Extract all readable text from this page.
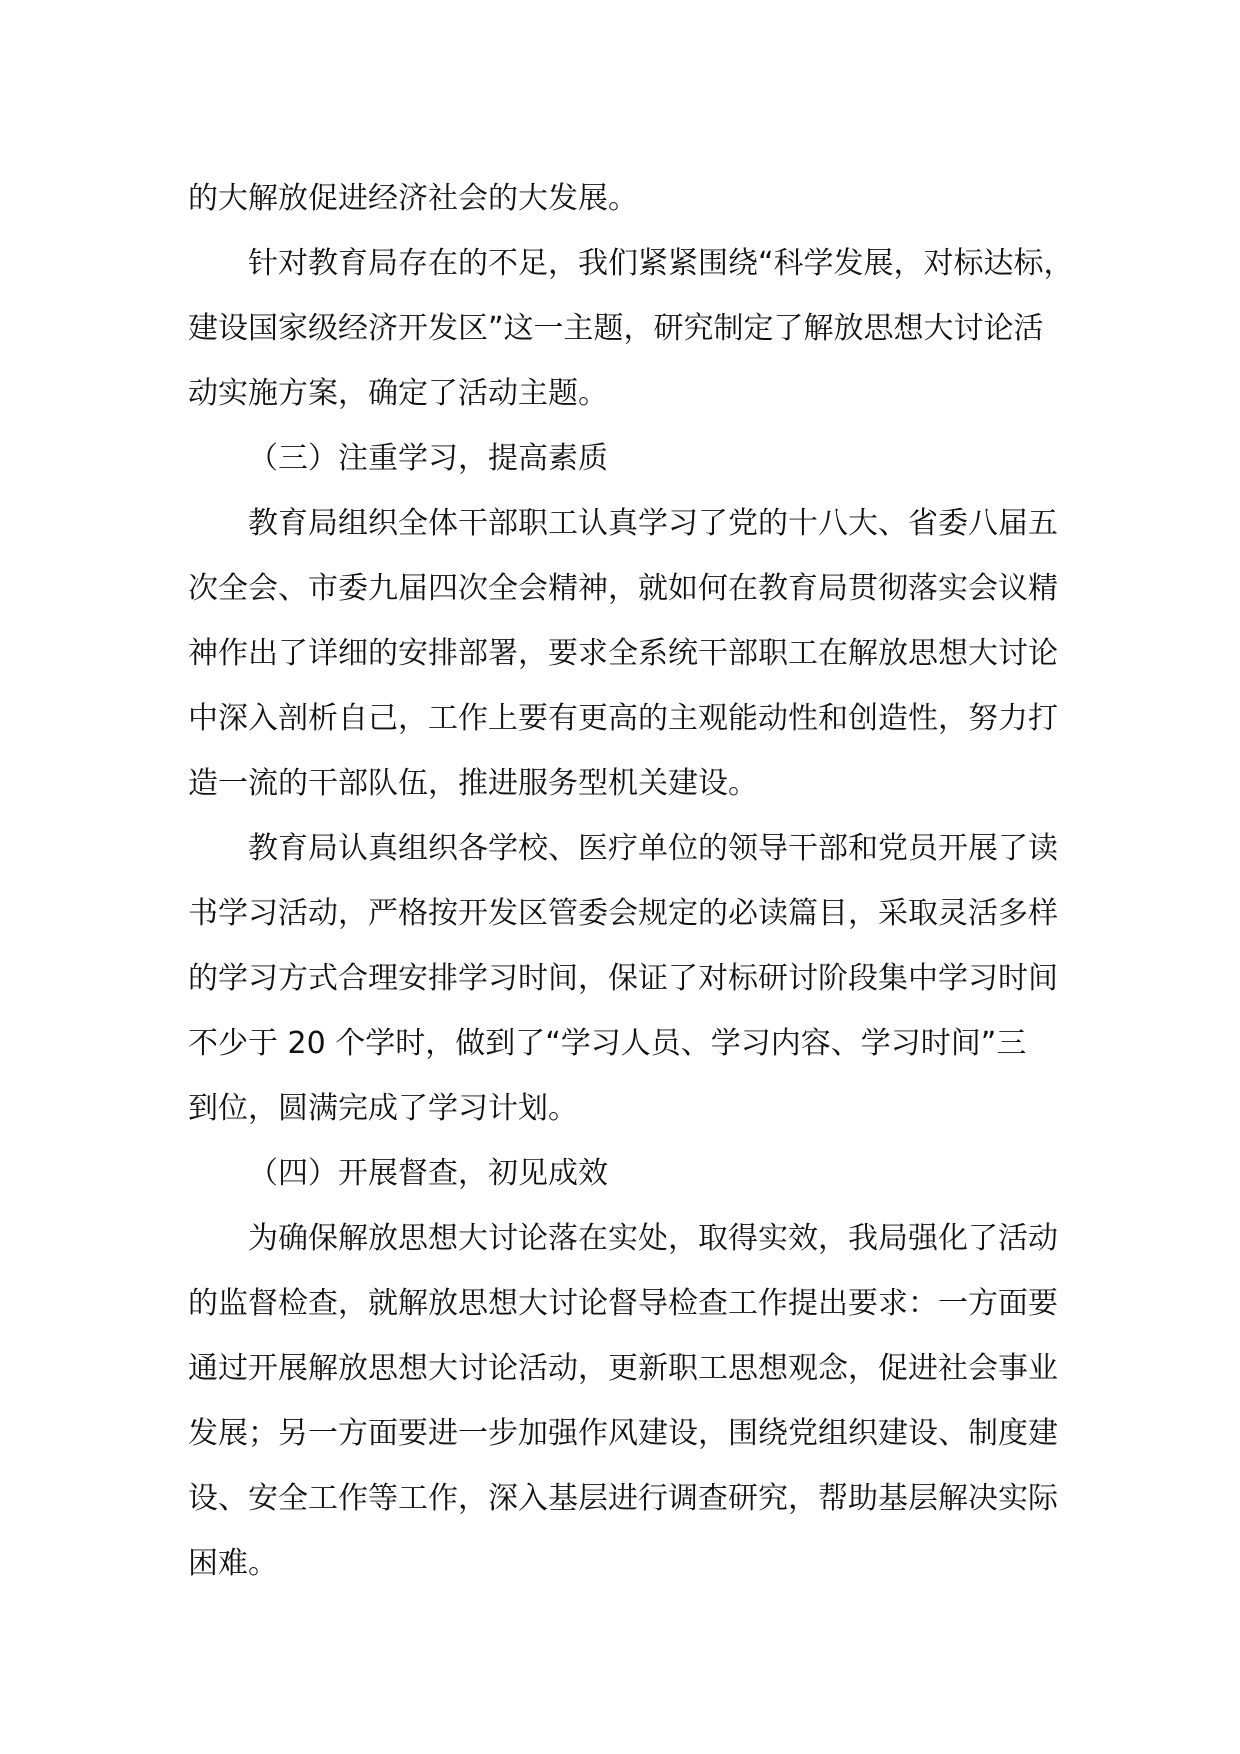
的大解放促进经济社会的大发展。
针对教育局存在的不足，我们紧紧围绕“科学发展，对标达标，
建设国家级经济开发区”这一主题，研究制定了解放思想大讨论活
动实施方案，确定了活动主题。
（三）注重学习，提高素质
教育局组织全体干部职工认真学习了党的十八大、省委八届五
次全会、市委九届四次全会精神，就如何在教育局贯彻落实会议精
神作出了详细的安排部署，要求全系统干部职工在解放思想大讨论
中深入剖析自己，工作上要有更高的主观能动性和创造性，努力打
造一流的干部队伍，推进服务型机关建设。
教育局认真组织各学校、医疗单位的领导干部和党员开展了读
书学习活动，严格按开发区管委会规定的必读篇目，采取灵活多样
的学习方式合理安排学习时间，保证了对标研讨阶段集中学习时间
不少于 20 个学时，做到了“学习人员、学习内容、学习时间”三
到位，圆满完成了学习计划。
（四）开展督查，初见成效
为确保解放思想大讨论落在实处，取得实效，我局强化了活动
的监督检查，就解放思想大讨论督导检查工作提出要求：一方面要
通过开展解放思想大讨论活动，更新职工思想观念，促进社会事业
发展；另一方面要进一步加强作风建设，围绕党组织建设、制度建
设、安全工作等工作，深入基层进行调查研究，帮助基层解决实际
困难。
